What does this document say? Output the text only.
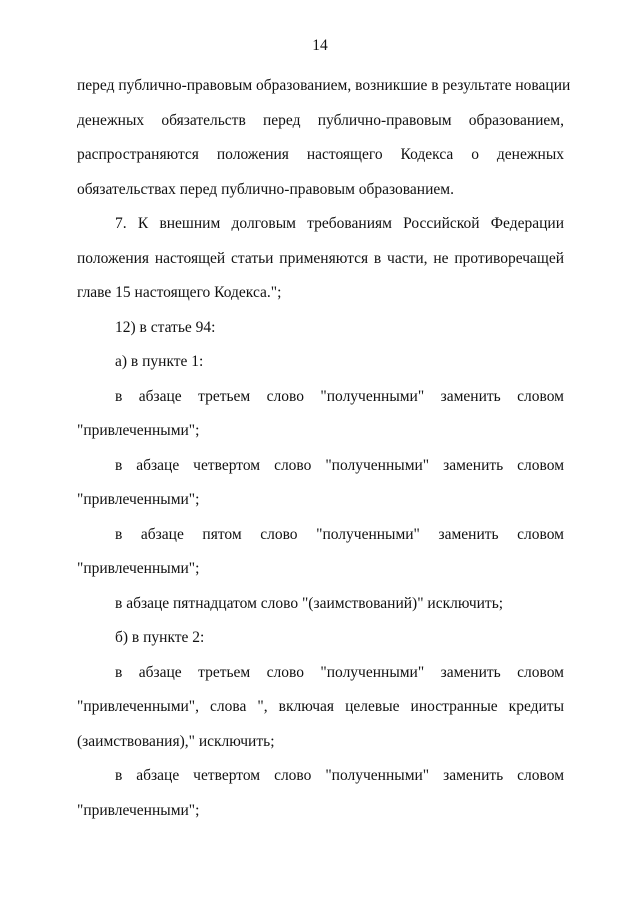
14
перед публично-правовым образованием, возникшие в результате новации
денежных обязательств перед публично-правовым образованием,
распространяются положения настоящего Кодекса о денежных
обязательствах перед публично-правовым образованием.
7. К внешним долговым требованиям Российской Федерации
положения настоящей статьи применяются в части, не противоречащей
главе 15 настоящего Кодекса.";
12) в статье 94:
а) в пункте 1:
в абзаце третьем слово "полученными" заменить словом
"привлеченными";
в абзаце четвертом слово "полученными" заменить словом
"привлеченными";
в абзаце пятом слово "полученными" заменить словом
"привлеченными";
в абзаце пятнадцатом слово "(заимствований)" исключить;
б) в пункте 2:
в абзаце третьем слово "полученными" заменить словом
"привлеченными", слова ", включая целевые иностранные кредиты
(заимствования)," исключить;
в абзаце четвертом слово "полученными" заменить словом
"привлеченными";
